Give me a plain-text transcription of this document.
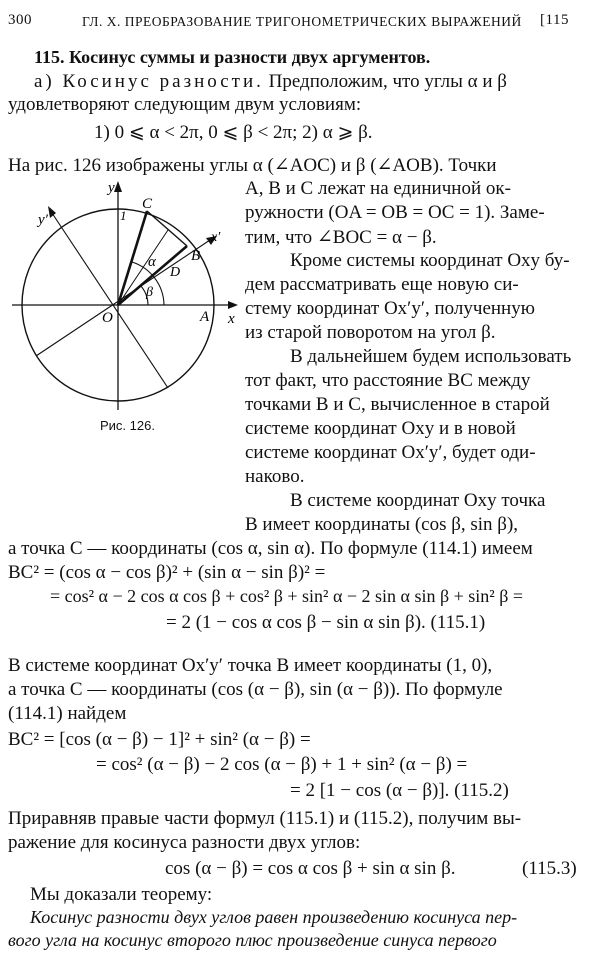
300	ГЛ. X. ПРЕОБРАЗОВАНИЕ ТРИГОНОМЕТРИЧЕСКИХ ВЫРАЖЕНИЙ [115
115. Косинус суммы и разности двух аргументов.
а) Косинус разности. Предположим, что углы α и β
удовлетворяют следующим двум условиям:
1) 0 ⩽ α < 2π, 0 ⩽ β < 2π; 2) α ⩾ β.
На рис. 126 изображены углы α (∠AOC) и β (∠AOB). Точки
A, B и C лежат на единичной ок-
ружности (OA = OB = OC = 1). Заме-
тим, что ∠BOC = α − β.
Кроме системы координат Oxy бу-
дем рассматривать еще новую си-
стему координат Ox′y′, полученную
из старой поворотом на угол β.
В дальнейшем будем использовать
тот факт, что расстояние BC между
точками B и C, вычисленное в старой
системе координат Oxy и в новой
системе координат Ox′y′, будет оди-
наково.
В системе координат Oxy точка
B имеет координаты (cos β, sin β),
y
y′
x
x′
1
O	A
B
C
D
α
β
Рис. 126.
а точка C — координаты (cos α, sin α). По формуле (114.1) имеем
BC² = (cos α − cos β)² + (sin α − sin β)² =
= cos² α − 2 cos α cos β + cos² β + sin² α − 2 sin α sin β + sin² β =
= 2 (1 − cos α cos β − sin α sin β). (115.1)
В системе координат Ox′y′ точка B имеет координаты (1, 0),
а точка C — координаты (cos (α − β), sin (α − β)). По формуле
(114.1) найдем
BC² = [cos (α − β) − 1]² + sin² (α − β) =
= cos² (α − β) − 2 cos (α − β) + 1 + sin² (α − β) =
= 2 [1 − cos (α − β)]. (115.2)
Приравняв правые части формул (115.1) и (115.2), получим вы-
ражение для косинуса разности двух углов:
cos (α − β) = cos α cos β + sin α sin β.	(115.3)
Мы доказали теорему:
Косинус разности двух углов равен произведению косинуса пер-
вого угла на косинус второго плюс произведение синуса первого
